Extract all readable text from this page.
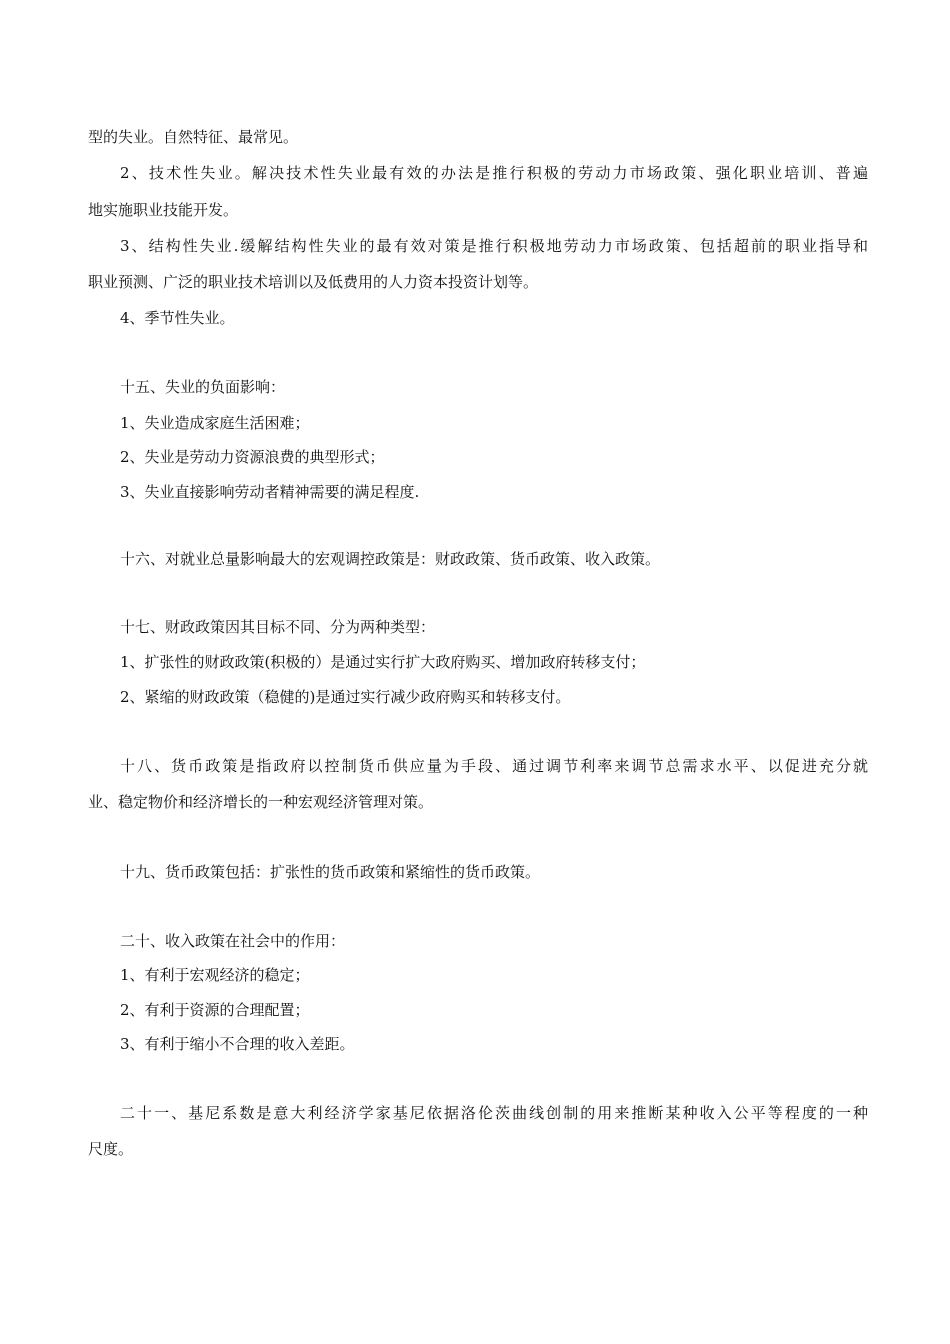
型的失业。自然特征、最常见。
2、技术性失业。解决技术性失业最有效的办法是推行积极的劳动力市场政策、强化职业培训、普遍
地实施职业技能开发。
3、结构性失业.缓解结构性失业的最有效对策是推行积极地劳动力市场政策、包括超前的职业指导和
职业预测、广泛的职业技术培训以及低费用的人力资本投资计划等。
4、季节性失业。
十五、失业的负面影响：
1、失业造成家庭生活困难；
2、失业是劳动力资源浪费的典型形式；
3、失业直接影响劳动者精神需要的满足程度.
十六、对就业总量影响最大的宏观调控政策是：财政政策、货币政策、收入政策。
十七、财政政策因其目标不同、分为两种类型：
1、扩张性的财政政策(积极的）是通过实行扩大政府购买、增加政府转移支付；
2、紧缩的财政政策（稳健的)是通过实行减少政府购买和转移支付。
十八、货币政策是指政府以控制货币供应量为手段、通过调节利率来调节总需求水平、以促进充分就
业、稳定物价和经济增长的一种宏观经济管理对策。
十九、货币政策包括：扩张性的货币政策和紧缩性的货币政策。
二十、收入政策在社会中的作用：
1、有利于宏观经济的稳定；
2、有利于资源的合理配置；
3、有利于缩小不合理的收入差距。
二十一、基尼系数是意大利经济学家基尼依据洛伦茨曲线创制的用来推断某种收入公平等程度的一种
尺度。
